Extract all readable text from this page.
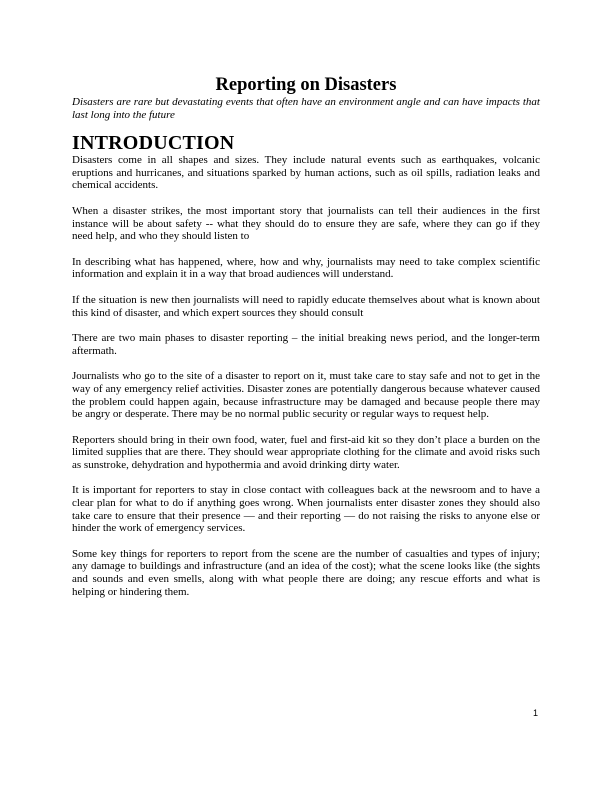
Reporting on Disasters

Disasters are rare but devastating events that often have an environment angle and can have impacts that last long into the future

INTRODUCTION

Disasters come in all shapes and sizes. They include natural events such as earthquakes, volcanic eruptions and hurricanes, and situations sparked by human actions, such as oil spills, radiation leaks and chemical accidents.

When a disaster strikes, the most important story that journalists can tell their audiences in the first instance will be about safety -- what they should do to ensure they are safe, where they can go if they need help, and who they should listen to

In describing what has happened, where, how and why, journalists may need to take complex scientific information and explain it in a way that broad audiences will understand.

If the situation is new then journalists will need to rapidly educate themselves about what is known about this kind of disaster, and which expert sources they should consult

There are two main phases to disaster reporting – the initial breaking news period, and the longer-term aftermath.

Journalists who go to the site of a disaster to report on it, must take care to stay safe and not to get in the way of any emergency relief activities. Disaster zones are potentially dangerous because whatever caused the problem could happen again, because infrastructure may be damaged and because people there may be angry or desperate. There may be no normal public security or regular ways to request help.

Reporters should bring in their own food, water, fuel and first-aid kit so they don’t place a burden on the limited supplies that are there. They should wear appropriate clothing for the climate and avoid risks such as sunstroke, dehydration and hypothermia and avoid drinking dirty water.

It is important for reporters to stay in close contact with colleagues back at the newsroom and to have a clear plan for what to do if anything goes wrong. When journalists enter disaster zones they should also take care to ensure that their presence — and their reporting — do not raising the risks to anyone else or hinder the work of emergency services.

Some key things for reporters to report from the scene are the number of casualties and types of injury; any damage to buildings and infrastructure (and an idea of the cost); what the scene looks like (the sights and sounds and even smells, along with what people there are doing; any rescue efforts and what is helping or hindering them.

1
